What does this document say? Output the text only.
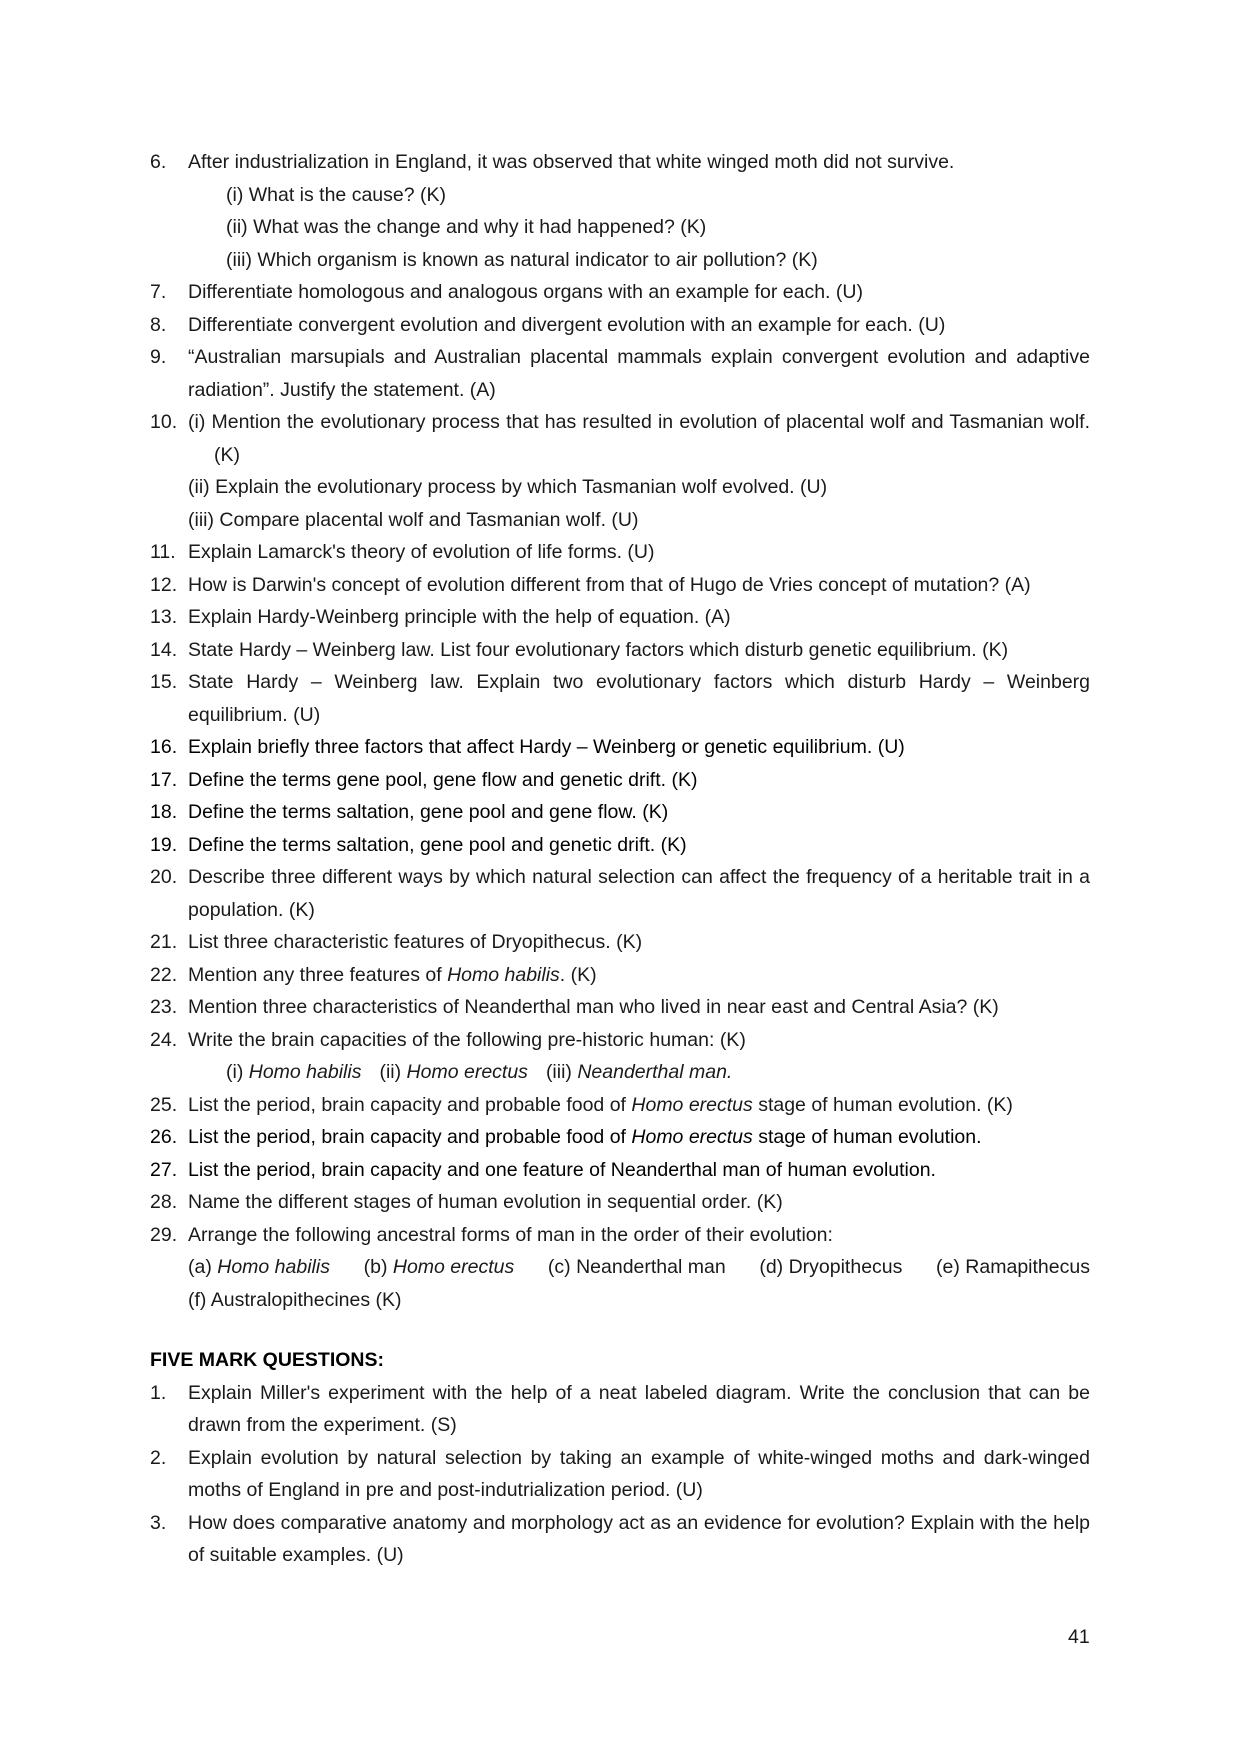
6.	After industrialization in England, it was observed that white winged moth did not survive.
(i) What is the cause? (K)
(ii) What was the change and why it had happened? (K)
(iii) Which organism is known as natural indicator to air pollution? (K)
7.	Differentiate homologous and analogous organs with an example for each. (U)
8.	Differentiate convergent evolution and divergent evolution with an example for each. (U)
9.	“Australian marsupials and Australian placental mammals explain convergent evolution and adaptive radiation”. Justify the statement. (A)
10. (i) Mention the evolutionary process that has resulted in evolution of placental wolf and Tasmanian wolf. (K)
(ii) Explain the evolutionary process by which Tasmanian wolf evolved. (U)
(iii) Compare placental wolf and Tasmanian wolf. (U)
11. Explain Lamarck's theory of evolution of life forms. (U)
12. How is Darwin's concept of evolution different from that of Hugo de Vries concept of mutation? (A)
13. Explain Hardy-Weinberg principle with the help of equation. (A)
14. State Hardy – Weinberg law. List four evolutionary factors which disturb genetic equilibrium. (K)
15. State Hardy – Weinberg law. Explain two evolutionary factors which disturb Hardy – Weinberg equilibrium. (U)
16. Explain briefly three factors that affect Hardy – Weinberg or genetic equilibrium. (U)
17. Define the terms gene pool, gene flow and genetic drift. (K)
18. Define the terms saltation, gene pool and gene flow. (K)
19. Define the terms saltation, gene pool and genetic drift. (K)
20. Describe three different ways by which natural selection can affect the frequency of a heritable trait in a population. (K)
21. List three characteristic features of Dryopithecus. (K)
22. Mention any three features of Homo habilis. (K)
23. Mention three characteristics of Neanderthal man who lived in near east and Central Asia? (K)
24. Write the brain capacities of the following pre-historic human: (K)
(i) Homo habilis (ii) Homo erectus (iii) Neanderthal man.
25. List the period, brain capacity and probable food of Homo erectus stage of human evolution. (K)
26. List the period, brain capacity and probable food of Homo erectus stage of human evolution.
27. List the period, brain capacity and one feature of Neanderthal man of human evolution.
28. Name the different stages of human evolution in sequential order. (K)
29. Arrange the following ancestral forms of man in the order of their evolution:
(a) Homo habilis (b) Homo erectus (c) Neanderthal man (d) Dryopithecus (e) Ramapithecus
(f) Australopithecines (K)
FIVE MARK QUESTIONS:
1.	Explain Miller's experiment with the help of a neat labeled diagram. Write the conclusion that can be drawn from the experiment. (S)
2.	Explain evolution by natural selection by taking an example of white-winged moths and dark-winged moths of England in pre and post-indutrialization period. (U)
3.	How does comparative anatomy and morphology act as an evidence for evolution? Explain with the help of suitable examples. (U)
41
